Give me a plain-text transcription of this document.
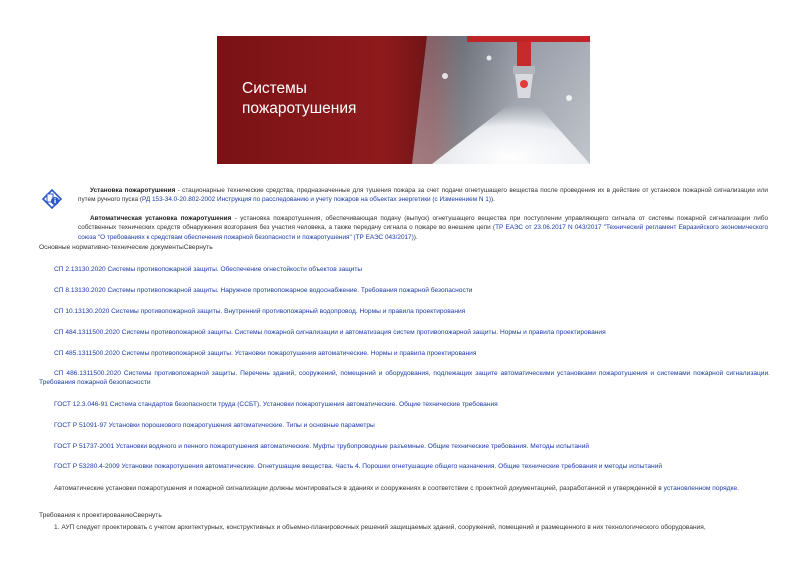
Системы
пожаротушения
Установка пожаротушения - стационарные технические средства, предназначенные для тушения пожара за счет подачи огнетушащего вещества после проведения их в действие от установок пожарной сигнализации или путем ручного пуска (РД 153-34.0-20.802-2002 Инструкция по расследованию и учету пожаров на объектах энергетики (с Изменением N 1)).
Автоматическая установка пожаротушения - установка пожаротушения, обеспечивающая подачу (выпуск) огнетушащего вещества при поступлении управляющего сигнала от системы пожарной сигнализации либо собственных технических средств обнаружения возгорания без участия человека, а также передачу сигнала о пожаре во внешние цепи (ТР ЕАЭС от 23.06.2017 N 043/2017 "Технический регламент Евразийского экономического союза "О требованиях к средствам обеспечения пожарной безопасности и пожаротушения" (ТР ЕАЭС 043/2017)).
Основные нормативно-технические документыСвернуть
СП 2.13130.2020 Системы противопожарной защиты. Обеспечение огнестойкости объектов защиты
СП 8.13130.2020 Системы противопожарной защиты. Наружное противопожарное водоснабжение. Требования пожарной безопасности
СП 10.13130.2020 Системы противопожарной защиты. Внутренний противопожарный водопровод. Нормы и правила проектирования
СП 484.1311500.2020 Системы противопожарной защиты. Системы пожарной сигнализации и автоматизация систем противопожарной защиты. Нормы и правила проектирования
СП 485.1311500.2020 Системы противопожарной защиты. Установки пожаротушения автоматические. Нормы и правила проектирования
СП 486.1311500.2020 Системы противопожарной защиты. Перечень зданий, сооружений, помещений и оборудования, подлежащих защите автоматическими установками пожаротушения и системами пожарной сигнализации. Требования пожарной безопасности
ГОСТ 12.3.046-91 Система стандартов безопасности труда (ССБТ). Установки пожаротушения автоматические. Общие технические требования
ГОСТ Р 51091-97 Установки порошкового пожаротушения автоматические. Типы и основные параметры
ГОСТ Р 51737-2001 Установки водяного и пенного пожаротушения автоматические. Муфты трубопроводные разъемные. Общие технические требования. Методы испытаний
ГОСТ Р 53280.4-2009 Установки пожаротушения автоматические. Огнетушащие вещества. Часть 4. Порошки огнетушащие общего назначения. Общие технические требования и методы испытаний
Автоматические установки пожаротушения и пожарной сигнализации должны монтироваться в зданиях и сооружениях в соответствии с проектной документацией, разработанной и утвержденной в установленном порядке.
Требования к проектированиюСвернуть
1. АУП следует проектировать с учетом архитектурных, конструктивных и объемно-планировочных решений защищаемых зданий, сооружений, помещений и размещенного в них технологического оборудования,
